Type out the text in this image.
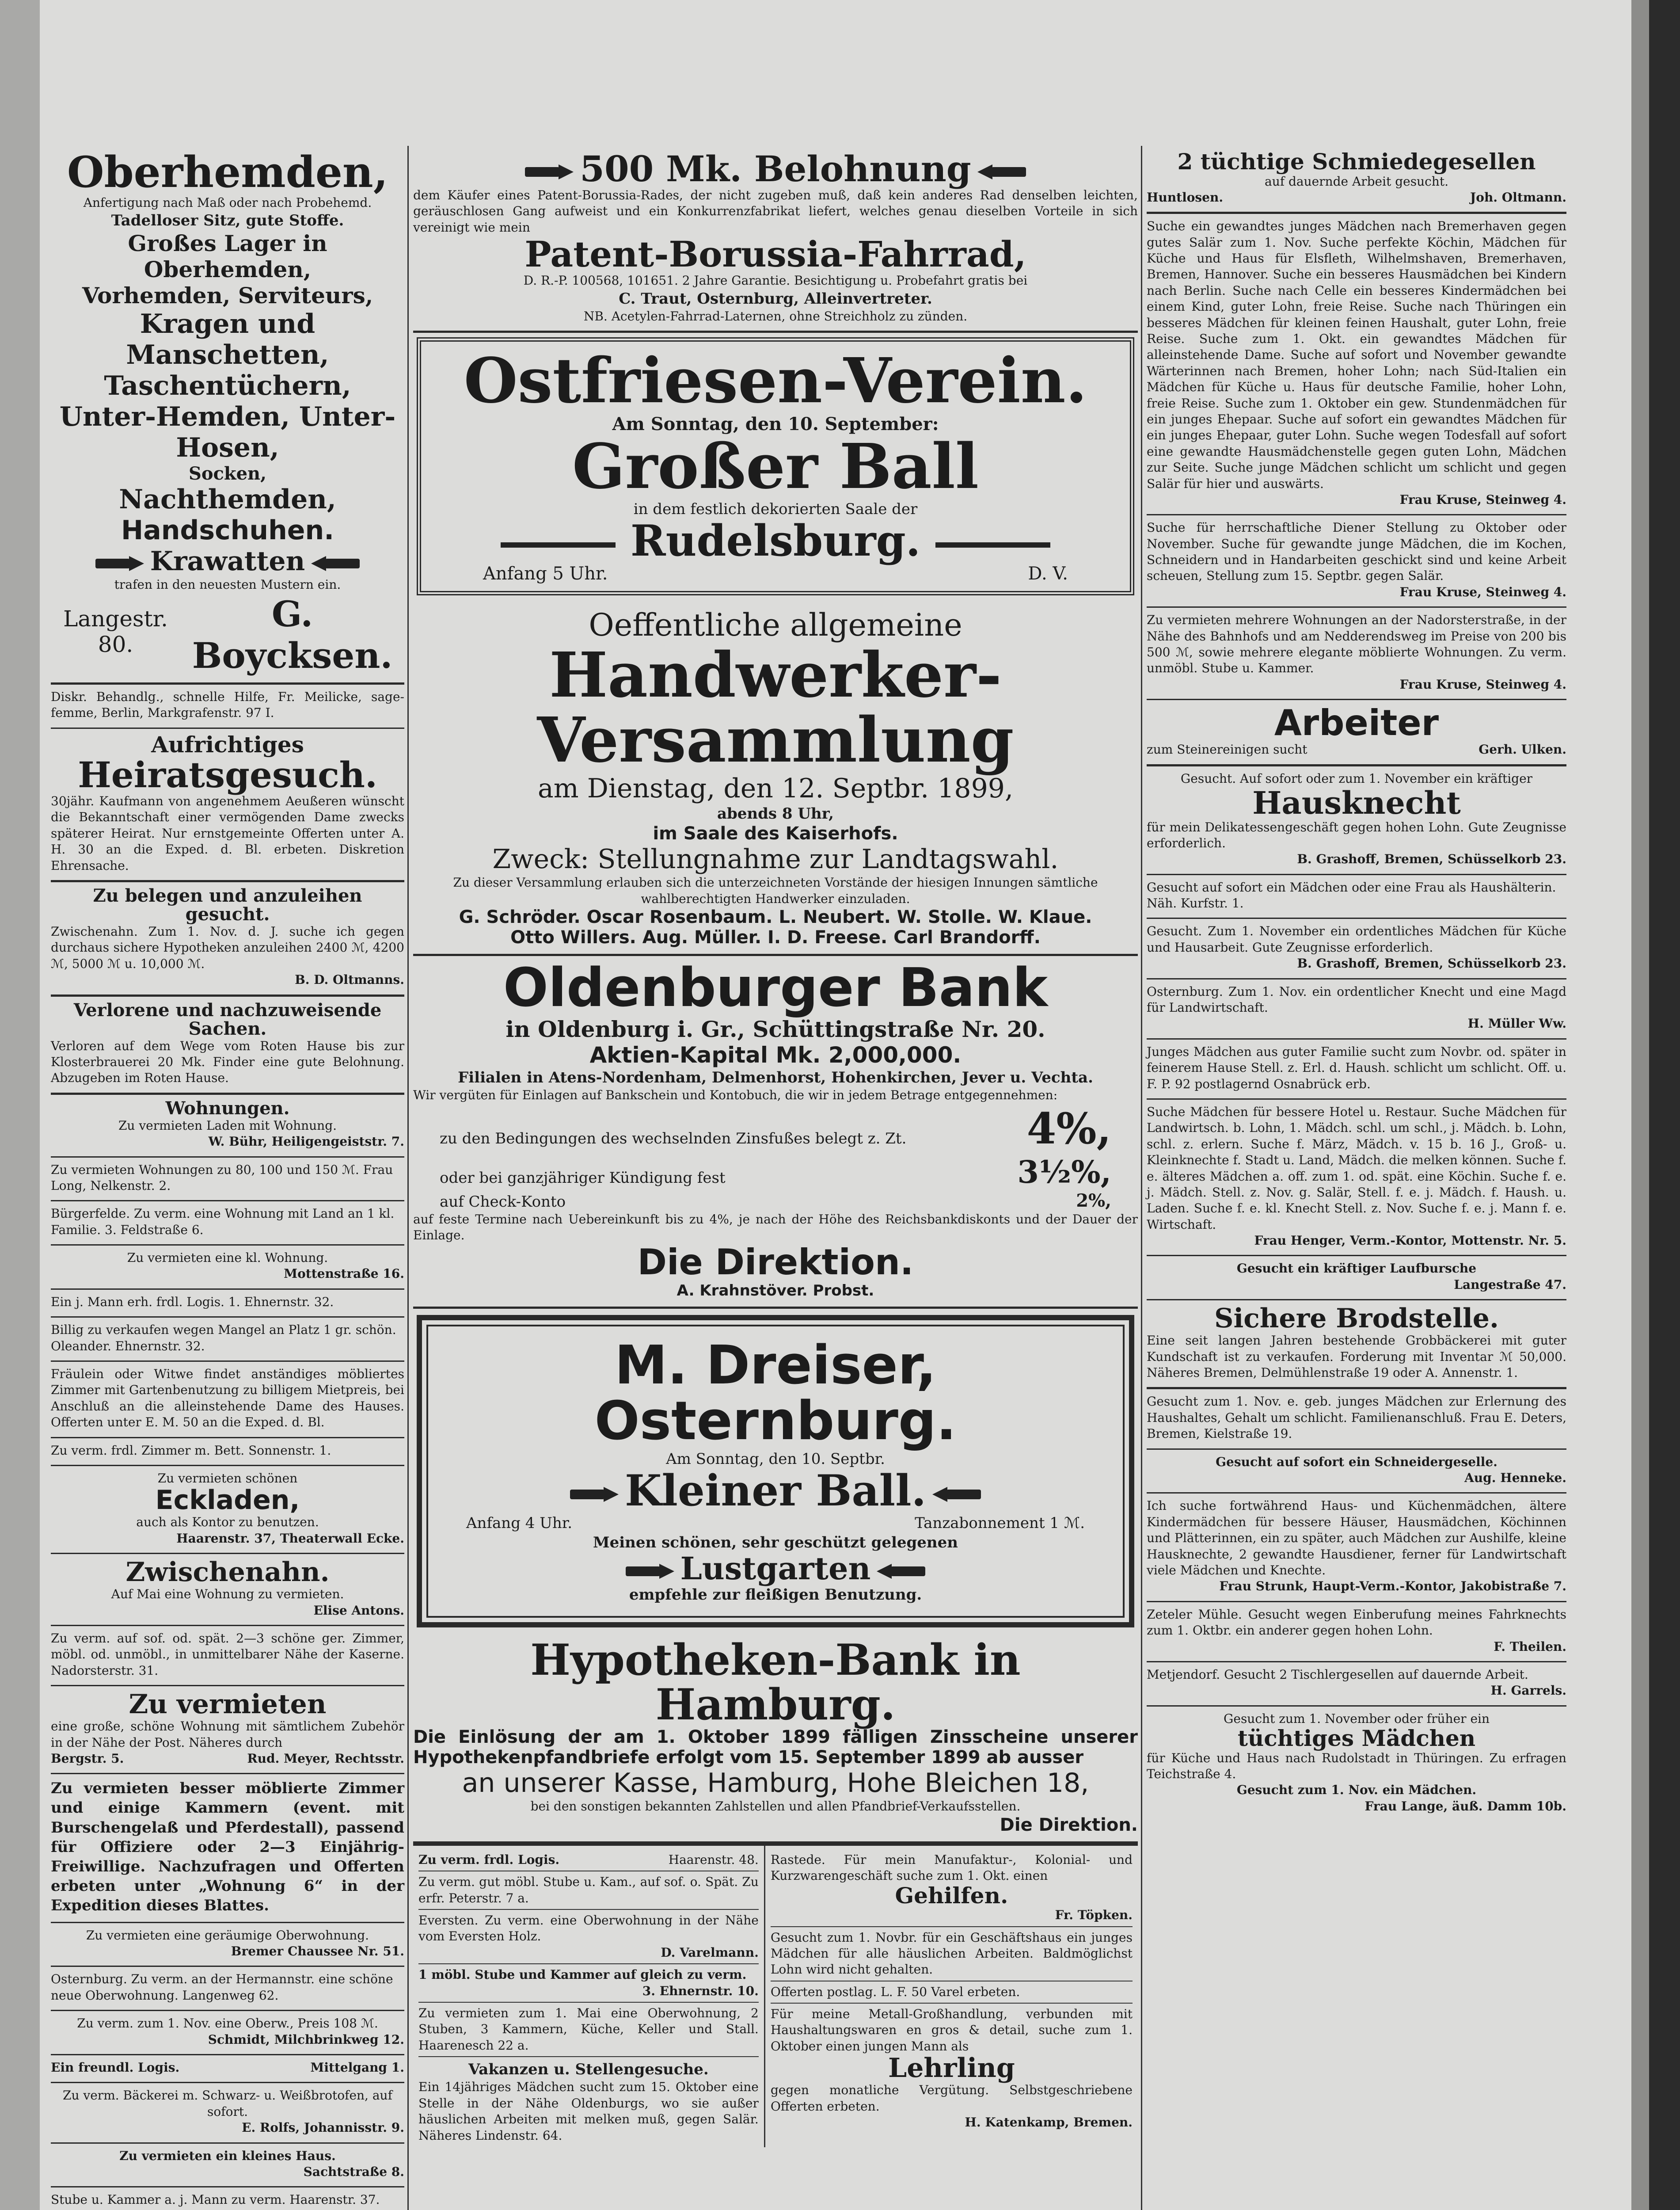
Oberhemden,
Anfertigung nach Maß oder nach Probehemd.
Tadelloser Sitz, gute Stoffe.
Großes Lager in Oberhemden,
Vorhemden, Serviteurs,
Kragen und Manschetten,
Taschentüchern,
Unter-Hemden, Unter-Hosen,
Socken,
Nachthemden,
Handschuhen.
Krawatten
trafen in den neuesten Mustern ein.
Langestr. 80.
G. Boycksen.
Diskr. Behandlg., schnelle Hilfe, Fr. Meilicke, sage-femme, Berlin, Markgrafenstr. 97 I.
Aufrichtiges
Heiratsgesuch.
30jähr. Kaufmann von angenehmem Aeußeren wünscht die Bekanntschaft einer vermögenden Dame zwecks späterer Heirat. Nur ernstgemeinte Offerten unter A. H. 30 an die Exped. d. Bl. erbeten. Diskretion Ehrensache.
Zu belegen und anzuleihen gesucht.
Zwischenahn. Zum 1. Nov. d. J. suche ich gegen durchaus sichere Hypotheken anzuleihen 2400 ℳ, 4200 ℳ, 5000 ℳ u. 10,000 ℳ.
B. D. Oltmanns.
Verlorene und nachzuweisende Sachen.
Verloren auf dem Wege vom Roten Hause bis zur Klosterbrauerei 20 Mk. Finder eine gute Belohnung. Abzugeben im Roten Hause.
Wohnungen.
Zu vermieten Laden mit Wohnung.
W. Bühr, Heiligengeiststr. 7.
Zu vermieten Wohnungen zu 80, 100 und 150 ℳ. Frau Long, Nelkenstr. 2.
Bürgerfelde. Zu verm. eine Wohnung mit Land an 1 kl. Familie. 3. Feldstraße 6.
Zu vermieten eine kl. Wohnung.
Mottenstraße 16.
Ein j. Mann erh. frdl. Logis. 1. Ehnernstr. 32.
Billig zu verkaufen wegen Mangel an Platz 1 gr. schön. Oleander. Ehnernstr. 32.
Fräulein oder Witwe findet anständiges möbliertes Zimmer mit Gartenbenutzung zu billigem Mietpreis, bei Anschluß an die alleinstehende Dame des Hauses. Offerten unter E. M. 50 an die Exped. d. Bl.
Zu verm. frdl. Zimmer m. Bett. Sonnenstr. 1.
Zu vermieten schönen
Eckladen,
auch als Kontor zu benutzen.
Haarenstr. 37, Theaterwall Ecke.
Zwischenahn.
Auf Mai eine Wohnung zu vermieten.
Elise Antons.
Zu verm. auf sof. od. spät. 2—3 schöne ger. Zimmer, möbl. od. unmöbl., in unmittelbarer Nähe der Kaserne. Nadorsterstr. 31.
Zu vermieten
eine große, schöne Wohnung mit sämtlichem Zubehör in der Nähe der Post. Näheres durch
Bergstr. 5.	Rud. Meyer, Rechtsstr.
Zu vermieten besser möblierte Zimmer und einige Kammern (event. mit Burschengelaß und Pferdestall), passend für Offiziere oder 2—3 Einjährig-Freiwillige. Nachzufragen und Offerten erbeten unter „Wohnung 6“ in der Expedition dieses Blattes.
Zu vermieten eine geräumige Oberwohnung.
Bremer Chaussee Nr. 51.
Osternburg. Zu verm. an der Hermannstr. eine schöne neue Oberwohnung. Langenweg 62.
Zu verm. zum 1. Nov. eine Oberw., Preis 108 ℳ.
Schmidt, Milchbrinkweg 12.
Ein freundl. Logis.	Mittelgang 1.
Zu verm. Bäckerei m. Schwarz- u. Weißbrotofen, auf sofort.
E. Rolfs, Johannisstr. 9.
Zu vermieten ein kleines Haus.
Sachtstraße 8.
Stube u. Kammer a. j. Mann zu verm. Haarenstr. 37.
500 Mk. Belohnung
dem Käufer eines Patent-Borussia-Rades, der nicht zugeben muß, daß kein anderes Rad denselben leichten, geräuschlosen Gang aufweist und ein Konkurrenzfabrikat liefert, welches genau dieselben Vorteile in sich vereinigt wie mein
Patent-Borussia-Fahrrad,
D. R.-P. 100568, 101651. 2 Jahre Garantie. Besichtigung u. Probefahrt gratis bei
C. Traut, Osternburg, Alleinvertreter.
NB. Acetylen-Fahrrad-Laternen, ohne Streichholz zu zünden.
Ostfriesen-Verein.
Am Sonntag, den 10. September:
Großer Ball
in dem festlich dekorierten Saale der
Rudelsburg.
Anfang 5 Uhr.	D. V.
Oeffentliche allgemeine
Handwerker-Versammlung
am Dienstag, den 12. Septbr. 1899,
abends 8 Uhr,
im Saale des Kaiserhofs.
Zweck: Stellungnahme zur Landtagswahl.
Zu dieser Versammlung erlauben sich die unterzeichneten Vorstände der hiesigen Innungen sämtliche wahlberechtigten Handwerker einzuladen.
G. Schröder. Oscar Rosenbaum. L. Neubert. W. Stolle. W. Klaue.
Otto Willers. Aug. Müller. I. D. Freese. Carl Brandorff.
Oldenburger Bank
in Oldenburg i. Gr., Schüttingstraße Nr. 20.
Aktien-Kapital Mk. 2,000,000.
Filialen in Atens-Nordenham, Delmenhorst, Hohenkirchen, Jever u. Vechta.
Wir vergüten für Einlagen auf Bankschein und Kontobuch, die wir in jedem Betrage entgegennehmen:
zu den Bedingungen des wechselnden Zinsfußes belegt z. Zt.	4%,
oder bei ganzjähriger Kündigung fest	3½%,
auf Check-Konto	2%,
auf feste Termine nach Uebereinkunft bis zu 4%, je nach der Höhe des Reichsbankdiskonts und der Dauer der Einlage.
Die Direktion.
A. Krahnstöver. Probst.
M. Dreiser, Osternburg.
Am Sonntag, den 10. Septbr.
Kleiner Ball.
Anfang 4 Uhr.	Tanzabonnement 1 ℳ.
Meinen schönen, sehr geschützt gelegenen
Lustgarten
empfehle zur fleißigen Benutzung.
Hypotheken-Bank in Hamburg.
Die Einlösung der am 1. Oktober 1899 fälligen Zinsscheine unserer Hypothekenpfandbriefe erfolgt vom 15. September 1899 ab ausser
an unserer Kasse, Hamburg, Hohe Bleichen 18,
bei den sonstigen bekannten Zahlstellen und allen Pfandbrief-Verkaufsstellen.
Die Direktion.
Zu verm. frdl. Logis.	Haarenstr. 48.
Zu verm. gut möbl. Stube u. Kam., auf sof. o. Spät. Zu erfr. Peterstr. 7 a.
Eversten. Zu verm. eine Oberwohnung in der Nähe vom Eversten Holz.
D. Varelmann.
1 möbl. Stube und Kammer auf gleich zu verm.
3. Ehnernstr. 10.
Zu vermieten zum 1. Mai eine Oberwohnung, 2 Stuben, 3 Kammern, Küche, Keller und Stall. Haarenesch 22 a.
Vakanzen u. Stellengesuche.
Ein 14jähriges Mädchen sucht zum 15. Oktober eine Stelle in der Nähe Oldenburgs, wo sie außer häuslichen Arbeiten mit melken muß, gegen Salär. Näheres Lindenstr. 64.
Rastede. Für mein Manufaktur-, Kolonial- und Kurzwarengeschäft suche zum 1. Okt. einen
Gehilfen.
Fr. Töpken.
Gesucht zum 1. Novbr. für ein Geschäftshaus ein junges Mädchen für alle häuslichen Arbeiten. Baldmöglichst Lohn wird nicht gehalten.
Offerten postlag. L. F. 50 Varel erbeten.
Für meine Metall-Großhandlung, verbunden mit Haushaltungswaren en gros & detail, suche zum 1. Oktober einen jungen Mann als
Lehrling
gegen monatliche Vergütung. Selbstgeschriebene Offerten erbeten.
H. Katenkamp, Bremen.
2 tüchtige Schmiedegesellen
auf dauernde Arbeit gesucht.
Huntlosen.	Joh. Oltmann.
Suche ein gewandtes junges Mädchen nach Bremerhaven gegen gutes Salär zum 1. Nov. Suche perfekte Köchin, Mädchen für Küche und Haus für Elsfleth, Wilhelmshaven, Bremerhaven, Bremen, Hannover. Suche ein besseres Hausmädchen bei Kindern nach Berlin. Suche nach Celle ein besseres Kindermädchen bei einem Kind, guter Lohn, freie Reise. Suche nach Thüringen ein besseres Mädchen für kleinen feinen Haushalt, guter Lohn, freie Reise. Suche zum 1. Okt. ein gewandtes Mädchen für alleinstehende Dame. Suche auf sofort und November gewandte Wärterinnen nach Bremen, hoher Lohn; nach Süd-Italien ein Mädchen für Küche u. Haus für deutsche Familie, hoher Lohn, freie Reise. Suche zum 1. Oktober ein gew. Stundenmädchen für ein junges Ehepaar. Suche auf sofort ein gewandtes Mädchen für ein junges Ehepaar, guter Lohn. Suche wegen Todesfall auf sofort eine gewandte Hausmädchenstelle gegen guten Lohn, Mädchen zur Seite. Suche junge Mädchen schlicht um schlicht und gegen Salär für hier und auswärts.
Frau Kruse, Steinweg 4.
Suche für herrschaftliche Diener Stellung zu Oktober oder November. Suche für gewandte junge Mädchen, die im Kochen, Schneidern und in Handarbeiten geschickt sind und keine Arbeit scheuen, Stellung zum 15. Septbr. gegen Salär.
Frau Kruse, Steinweg 4.
Zu vermieten mehrere Wohnungen an der Nadorsterstraße, in der Nähe des Bahnhofs und am Nedderendsweg im Preise von 200 bis 500 ℳ, sowie mehrere elegante möblierte Wohnungen. Zu verm. unmöbl. Stube u. Kammer.
Frau Kruse, Steinweg 4.
Arbeiter
zum Steinereinigen sucht	Gerh. Ulken.
Gesucht. Auf sofort oder zum 1. November ein kräftiger
Hausknecht
für mein Delikatessengeschäft gegen hohen Lohn. Gute Zeugnisse erforderlich.
B. Grashoff, Bremen, Schüsselkorb 23.
Gesucht auf sofort ein Mädchen oder eine Frau als Haushälterin. Näh. Kurfstr. 1.
Gesucht. Zum 1. November ein ordentliches Mädchen für Küche und Hausarbeit. Gute Zeugnisse erforderlich.
B. Grashoff, Bremen, Schüsselkorb 23.
Osternburg. Zum 1. Nov. ein ordentlicher Knecht und eine Magd für Landwirtschaft.
H. Müller Ww.
Junges Mädchen aus guter Familie sucht zum Novbr. od. später in feinerem Hause Stell. z. Erl. d. Haush. schlicht um schlicht. Off. u. F. P. 92 postlagernd Osnabrück erb.
Suche Mädchen für bessere Hotel u. Restaur. Suche Mädchen für Landwirtsch. b. Lohn, 1. Mädch. schl. um schl., j. Mädch. b. Lohn, schl. z. erlern. Suche f. März, Mädch. v. 15 b. 16 J., Groß- u. Kleinknechte f. Stadt u. Land, Mädch. die melken können. Suche f. e. älteres Mädchen a. off. zum 1. od. spät. eine Köchin. Suche f. e. j. Mädch. Stell. z. Nov. g. Salär, Stell. f. e. j. Mädch. f. Haush. u. Laden. Suche f. e. kl. Knecht Stell. z. Nov. Suche f. e. j. Mann f. e. Wirtschaft.
Frau Henger, Verm.-Kontor, Mottenstr. Nr. 5.
Gesucht ein kräftiger Laufbursche
Langestraße 47.
Sichere Brodstelle.
Eine seit langen Jahren bestehende Grobbäckerei mit guter Kundschaft ist zu verkaufen. Forderung mit Inventar ℳ 50,000. Näheres Bremen, Delmühlenstraße 19 oder A. Annenstr. 1.
Gesucht zum 1. Nov. e. geb. junges Mädchen zur Erlernung des Haushaltes, Gehalt um schlicht. Familienanschluß. Frau E. Deters, Bremen, Kielstraße 19.
Gesucht auf sofort ein Schneidergeselle.
Aug. Henneke.
Ich suche fortwährend Haus- und Küchenmädchen, ältere Kindermädchen für bessere Häuser, Hausmädchen, Köchinnen und Plätterinnen, ein zu später, auch Mädchen zur Aushilfe, kleine Hausknechte, 2 gewandte Hausdiener, ferner für Landwirtschaft viele Mädchen und Knechte.
Frau Strunk, Haupt-Verm.-Kontor, Jakobistraße 7.
Zeteler Mühle. Gesucht wegen Einberufung meines Fahrknechts zum 1. Oktbr. ein anderer gegen hohen Lohn.
F. Theilen.
Metjendorf. Gesucht 2 Tischlergesellen auf dauernde Arbeit.
H. Garrels.
Gesucht zum 1. November oder früher ein
tüchtiges Mädchen
für Küche und Haus nach Rudolstadt in Thüringen. Zu erfragen Teichstraße 4.
Gesucht zum 1. Nov. ein Mädchen.
Frau Lange, äuß. Damm 10b.
